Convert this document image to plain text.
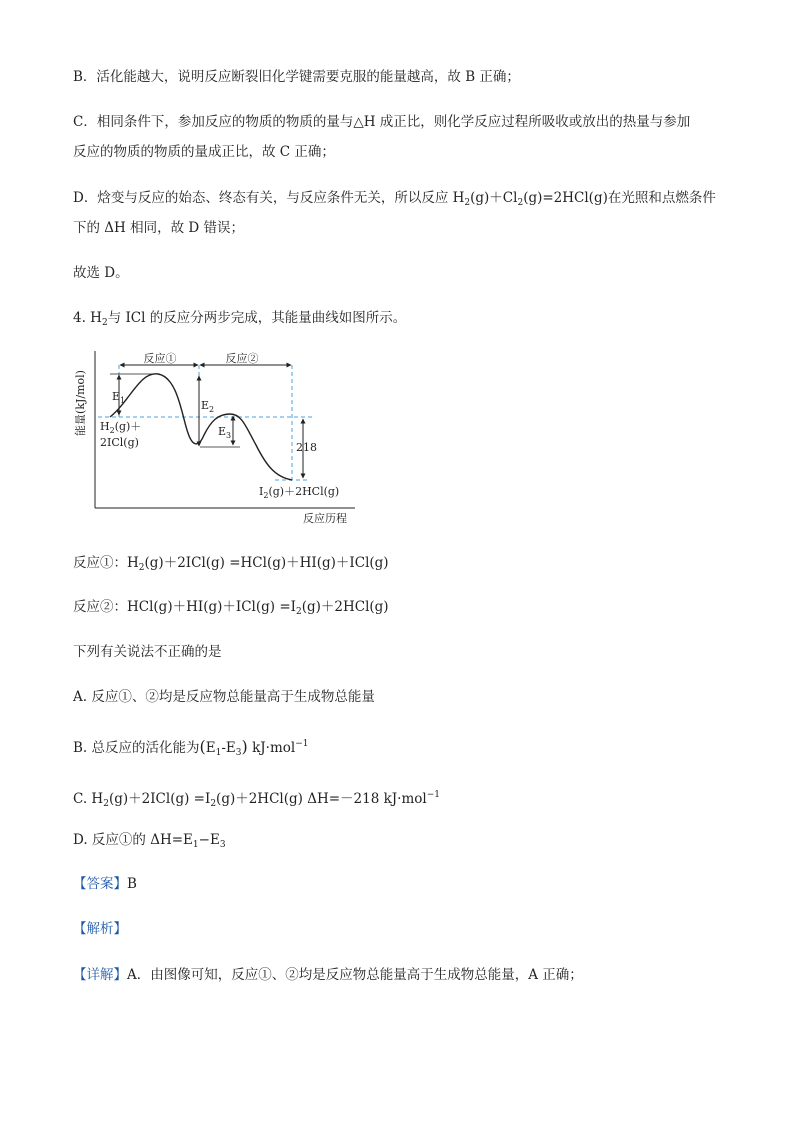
B．活化能越大，说明反应断裂旧化学键需要克服的能量越高，故 B 正确；
C．相同条件下，参加反应的物质的物质的量与△H 成正比，则化学反应过程所吸收或放出的热量与参加
反应的物质的物质的量成正比，故 C 正确；
D．焓变与反应的始态、终态有关，与反应条件无关，所以反应 $H_2(g)+Cl_2(g)=2HCl(g)$在光照和点燃条件
下的 ΔH 相同，故 D 错误；
故选 D。
4. $H_2$与 ICl 的反应分两步完成，其能量曲线如图所示。
能量(kJ/mol)
反应历程
反应①	反应②
$E_1$	$E_2$
$E_3$
218
$H_2(g)+$
2ICl(g)
$I_2(g)+2HCl(g)$
反应①：$H_2(g)+2ICl(g) =HCl(g)+HI(g)+ICl(g)$
反应②：$HCl(g)+HI(g)+ICl(g) =I_2(g)+2HCl(g)$
下列有关说法不正确的是
A. 反应①、②均是反应物总能量高于生成物总能量
B. 总反应的活化能为$(E_1-E_3)$ kJ·mol$^{-1}$
C. $H_2(g)+2ICl(g) =I_2(g)+2HCl(g)$ ΔH=－218 kJ·mol$^{-1}$
D. 反应①的 $\Delta H=E_1-E_3$
【答案】B
【解析】
【详解】A．由图像可知，反应①、②均是反应物总能量高于生成物总能量，A 正确；
